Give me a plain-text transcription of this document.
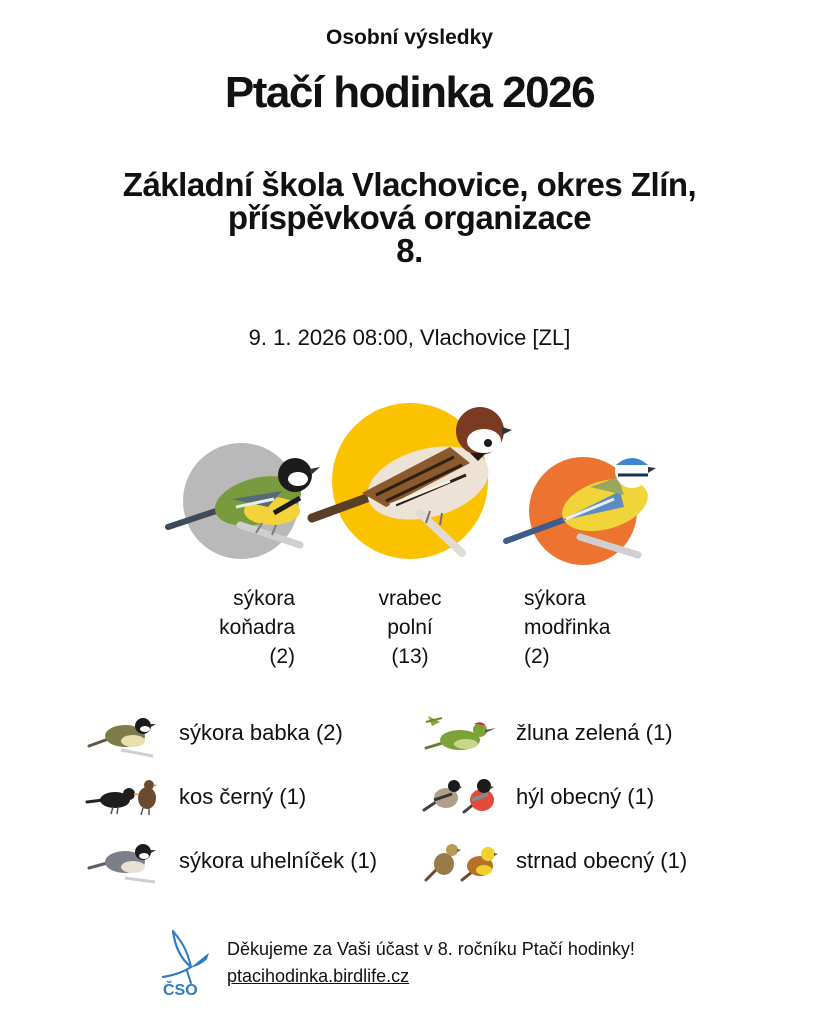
Osobní výsledky
Ptačí hodinka 2026
Základní škola Vlachovice, okres Zlín,
příspěvková organizace
8.
9. 1. 2026 08:00, Vlachovice [ZL]
sýkora
koňadra
(2)
vrabec
polní
(13)
sýkora
modřinka
(2)
sýkora babka (2)
kos černý (1)
sýkora uhelníček (1)
žluna zelená (1)
hýl obecný (1)
strnad obecný (1)
ČSO
Děkujeme za Vaši účast v 8. ročníku Ptačí hodinky!
ptacihodinka.birdlife.cz
